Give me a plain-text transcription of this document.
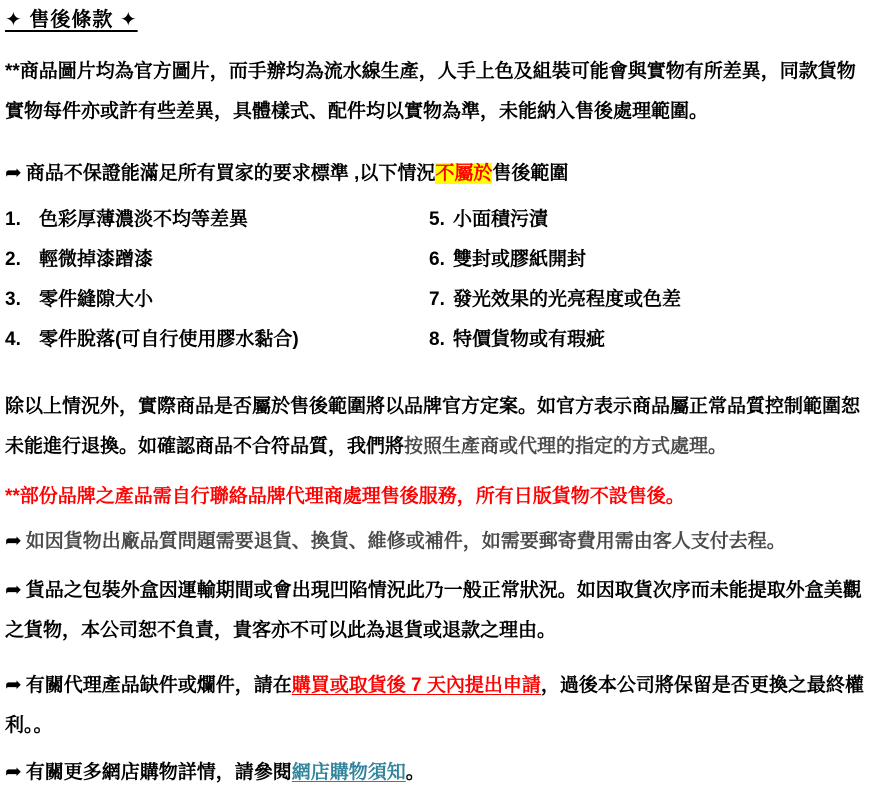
✦ 售後條款 ✦

**商品圖片均為官方圖片，而手辦均為流水線生產，人手上色及組裝可能會與實物有所差異，同款貨物實物每件亦或許有些差異，具體樣式、配件均以實物為準，未能納入售後處理範圍。

➦ 商品不保證能滿足所有買家的要求標準 ,以下情況不屬於售後範圍
1. 色彩厚薄濃淡不均等差異
2. 輕微掉漆蹭漆
3. 零件縫隙大小
4. 零件脫落(可自行使用膠水黏合)
5. 小面積污漬
6. 雙封或膠紙開封
7. 發光效果的光亮程度或色差
8. 特價貨物或有瑕疵

除以上情況外，實際商品是否屬於售後範圍將以品牌官方定案。如官方表示商品屬正常品質控制範圍恕未能進行退換。如確認商品不合符品質，我們將按照生產商或代理的指定的方式處理。

**部份品牌之產品需自行聯絡品牌代理商處理售後服務，所有日版貨物不設售後。

➦ 如因貨物出廠品質問題需要退貨、換貨、維修或補件，如需要郵寄費用需由客人支付去程。

➦ 貨品之包裝外盒因運輸期間或會出現凹陷情況此乃一般正常狀況。如因取貨次序而未能提取外盒美觀之貨物，本公司恕不負責，貴客亦不可以此為退貨或退款之理由。

➦ 有關代理產品缺件或爛件，請在購買或取貨後 7 天內提出申請，過後本公司將保留是否更換之最終權利。。

➦ 有關更多網店購物詳情，請參閱網店購物須知。
